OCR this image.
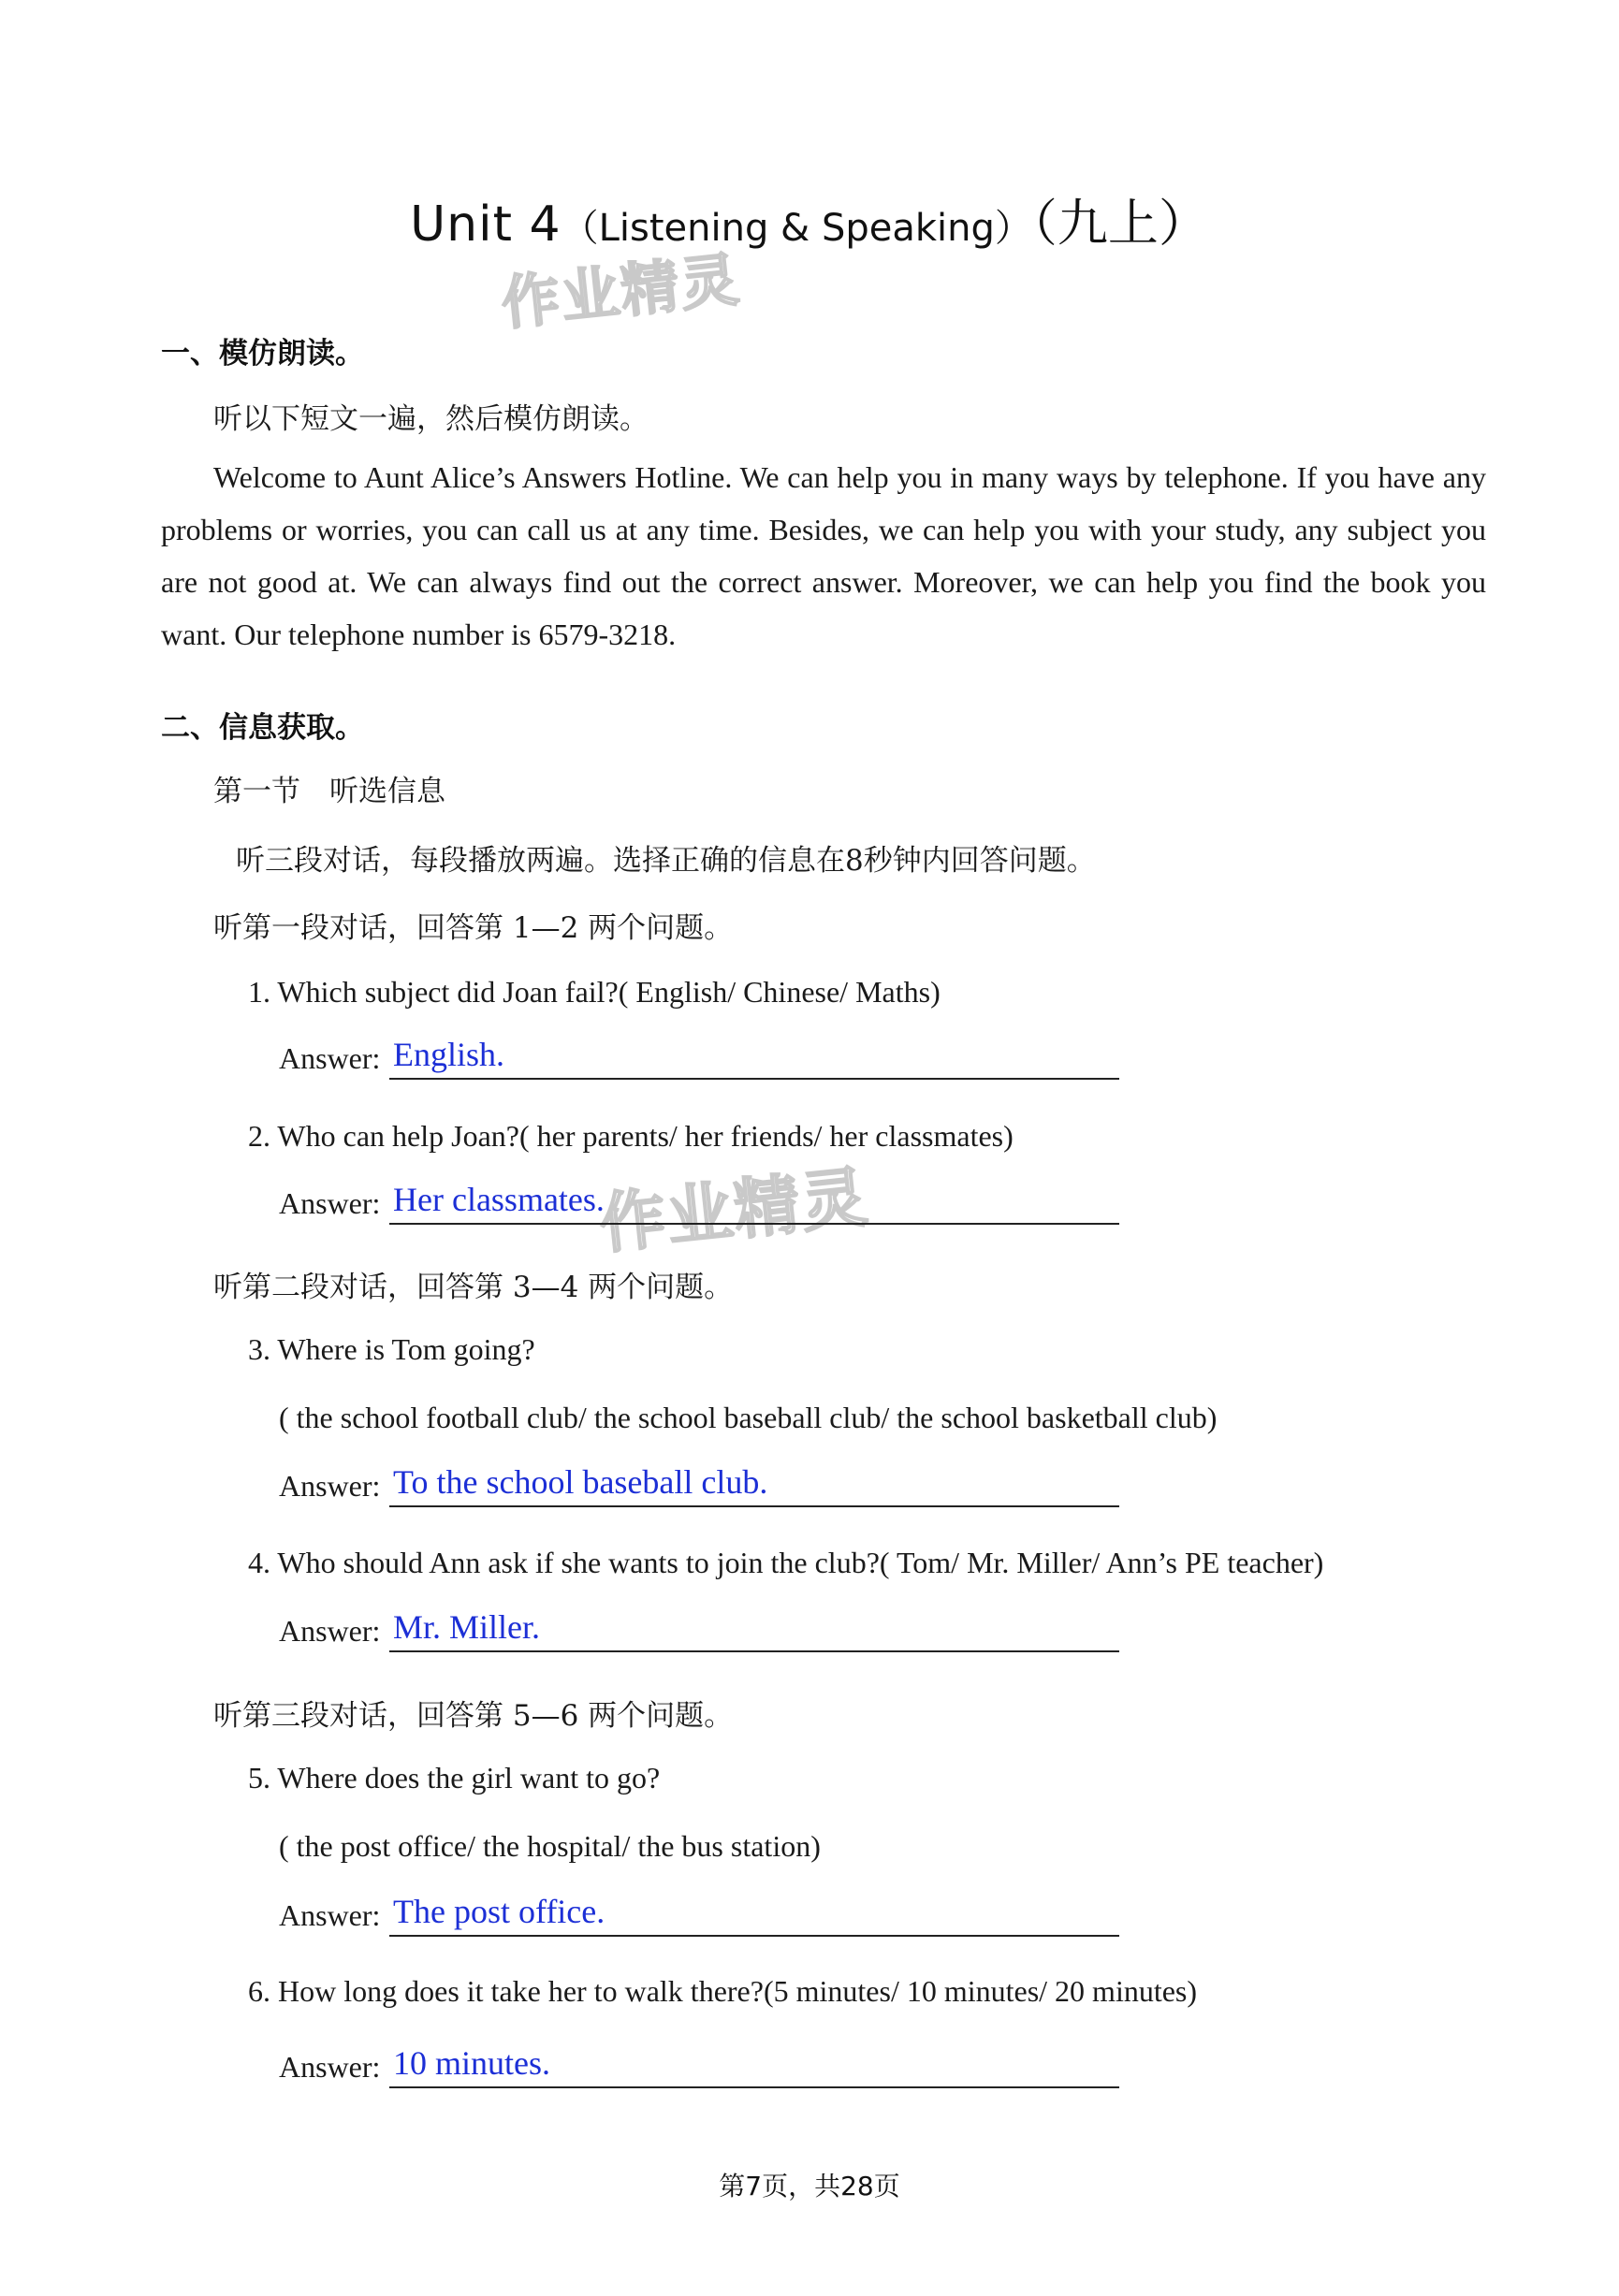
Unit 4（Listening & Speaking）（九上）
作业精灵
作业精灵
一、模仿朗读。
听以下短文一遍，然后模仿朗读。
Welcome to Aunt Alice’s Answers Hotline. We can help you in many ways by telephone. If you have any problems or worries, you can call us at any time. Besides, we can help you with your study, any subject you are not good at. We can always find out the correct answer. Moreover, we can help you find the book you want. Our telephone number is 6579-3218.
二、信息获取。
第一节　听选信息
听三段对话，每段播放两遍。选择正确的信息在8秒钟内回答问题。
听第一段对话，回答第 1—2 两个问题。
1. Which subject did Joan fail?( English/ Chinese/ Maths)
Answer: English.
2. Who can help Joan?( her parents/ her friends/ her classmates)
Answer: Her classmates.
听第二段对话，回答第 3—4 两个问题。
3. Where is Tom going?
( the school football club/ the school baseball club/ the school basketball club)
Answer: To the school baseball club.
4. Who should Ann ask if she wants to join the club?( Tom/ Mr. Miller/ Ann’s PE teacher)
Answer: Mr. Miller.
听第三段对话，回答第 5—6 两个问题。
5. Where does the girl want to go?
( the post office/ the hospital/ the bus station)
Answer: The post office.
6. How long does it take her to walk there?(5 minutes/ 10 minutes/ 20 minutes)
Answer: 10 minutes.
第7页，共28页
